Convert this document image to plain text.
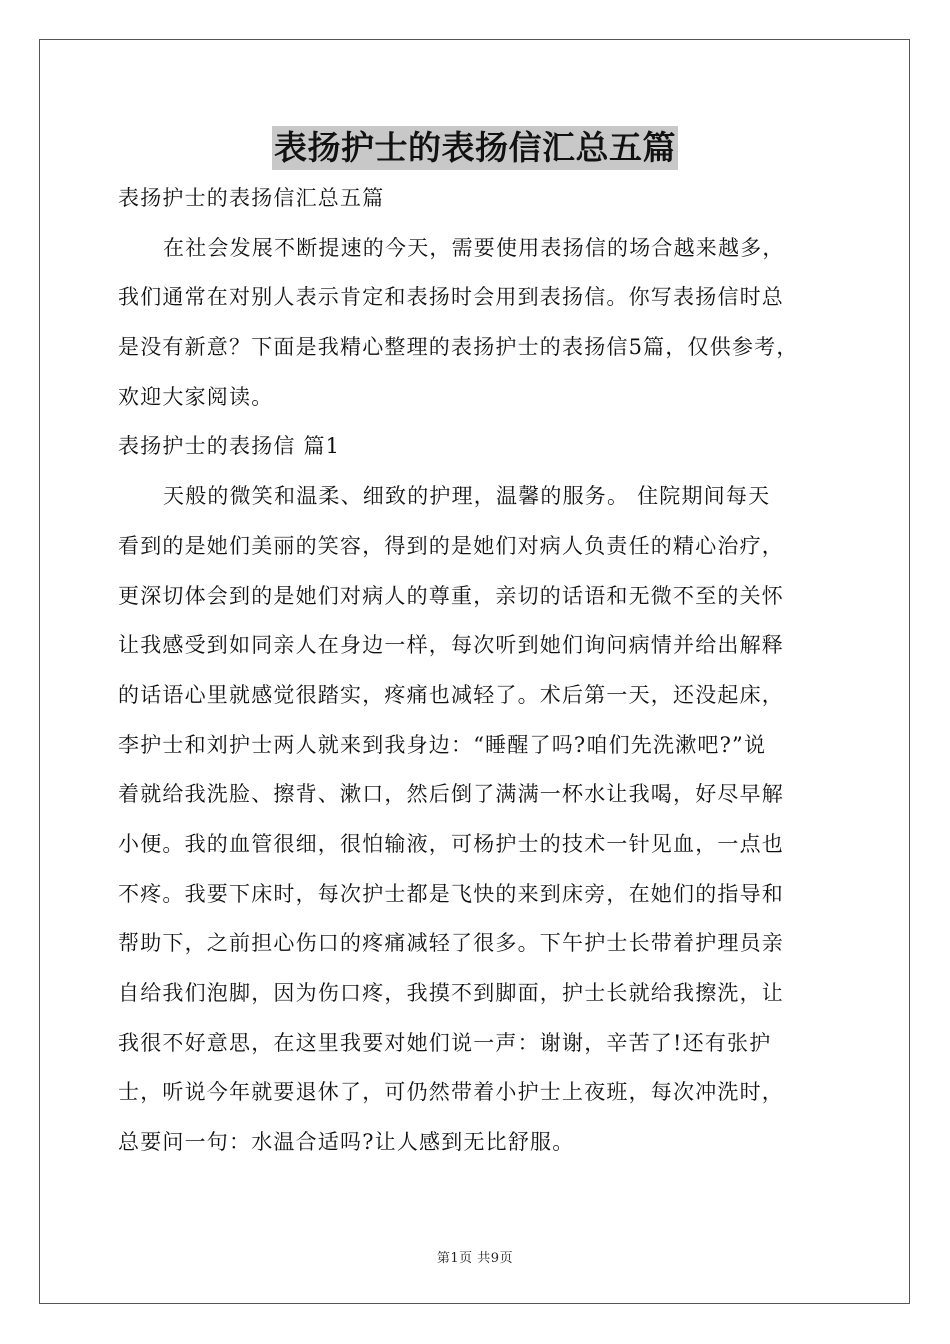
表扬护士的表扬信汇总五篇
表扬护士的表扬信汇总五篇
在社会发展不断提速的今天，需要使用表扬信的场合越来越多，
我们通常在对别人表示肯定和表扬时会用到表扬信。你写表扬信时总
是没有新意？下面是我精心整理的表扬护士的表扬信5篇，仅供参考，
欢迎大家阅读。
表扬护士的表扬信 篇1
天般的微笑和温柔、细致的护理，温馨的服务。 住院期间每天
看到的是她们美丽的笑容，得到的是她们对病人负责任的精心治疗，
更深切体会到的是她们对病人的尊重，亲切的话语和无微不至的关怀
让我感受到如同亲人在身边一样，每次听到她们询问病情并给出解释
的话语心里就感觉很踏实，疼痛也减轻了。术后第一天，还没起床，
李护士和刘护士两人就来到我身边：“睡醒了吗?咱们先洗漱吧?”说
着就给我洗脸、擦背、漱口，然后倒了满满一杯水让我喝，好尽早解
小便。我的血管很细，很怕输液，可杨护士的技术一针见血，一点也
不疼。我要下床时，每次护士都是飞快的来到床旁，在她们的指导和
帮助下，之前担心伤口的疼痛减轻了很多。下午护士长带着护理员亲
自给我们泡脚，因为伤口疼，我摸不到脚面，护士长就给我擦洗，让
我很不好意思，在这里我要对她们说一声：谢谢，辛苦了!还有张护
士，听说今年就要退休了，可仍然带着小护士上夜班，每次冲洗时，
总要问一句：水温合适吗?让人感到无比舒服。
第1页 共9页
